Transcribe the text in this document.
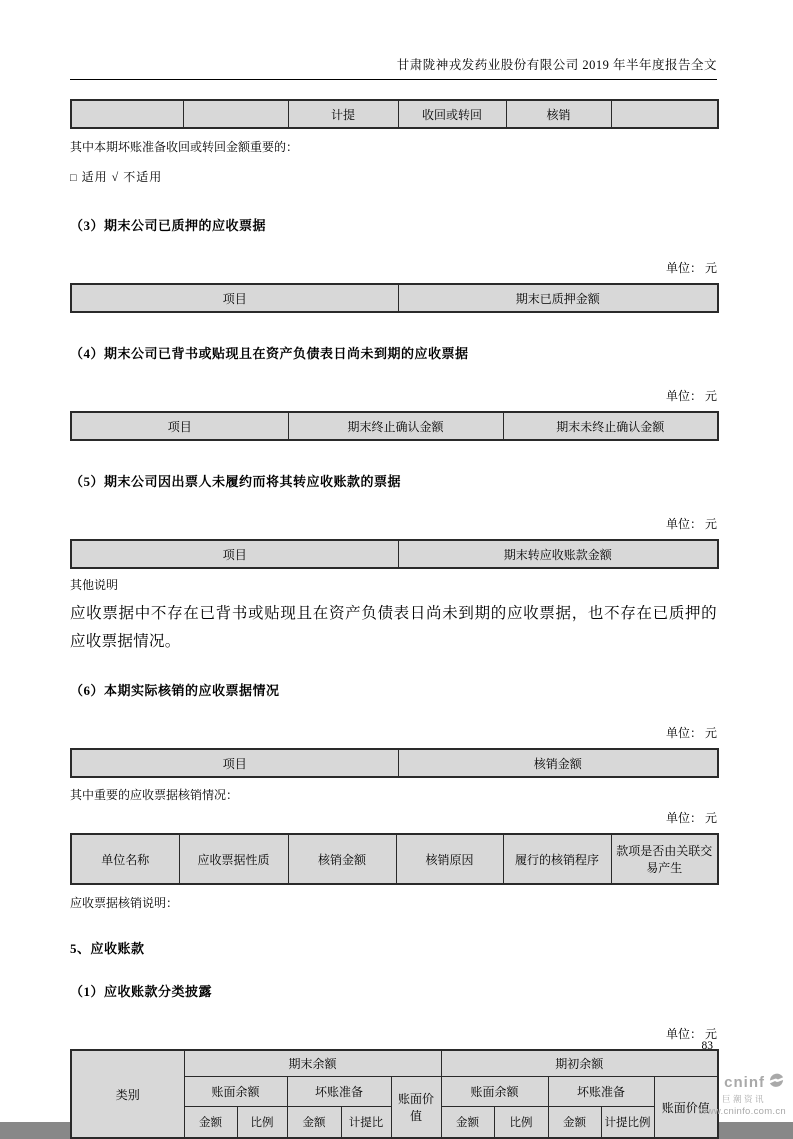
甘肃陇神戎发药业股份有限公司 2019 年半年度报告全文
		计提	收回或转回	核销	
其中本期坏账准备收回或转回金额重要的：
□ 适用 √ 不适用
（3）期末公司已质押的应收票据
单位： 元
项目	期末已质押金额
（4）期末公司已背书或贴现且在资产负债表日尚未到期的应收票据
单位： 元
项目	期末终止确认金额	期末未终止确认金额
（5）期末公司因出票人未履约而将其转应收账款的票据
单位： 元
项目	期末转应收账款金额
其他说明
应收票据中不存在已背书或贴现且在资产负债表日尚未到期的应收票据，也不存在已质押的应收票据情况。
（6）本期实际核销的应收票据情况
单位： 元
项目	核销金额
其中重要的应收票据核销情况：
单位： 元
单位名称	应收票据性质	核销金额	核销原因	履行的核销程序	款项是否由关联交易产生
应收票据核销说明：
5、应收账款
（1）应收账款分类披露
单位： 元
类别	期末余额					期初余额				
	账面余额		坏账准备		账面价值	账面余额		坏账准备		账面价值
	金额	比例	金额	计提比		金额	比例	金额	计提比例	
83
cninf
巨潮资讯
www.cninfo.com.cn
